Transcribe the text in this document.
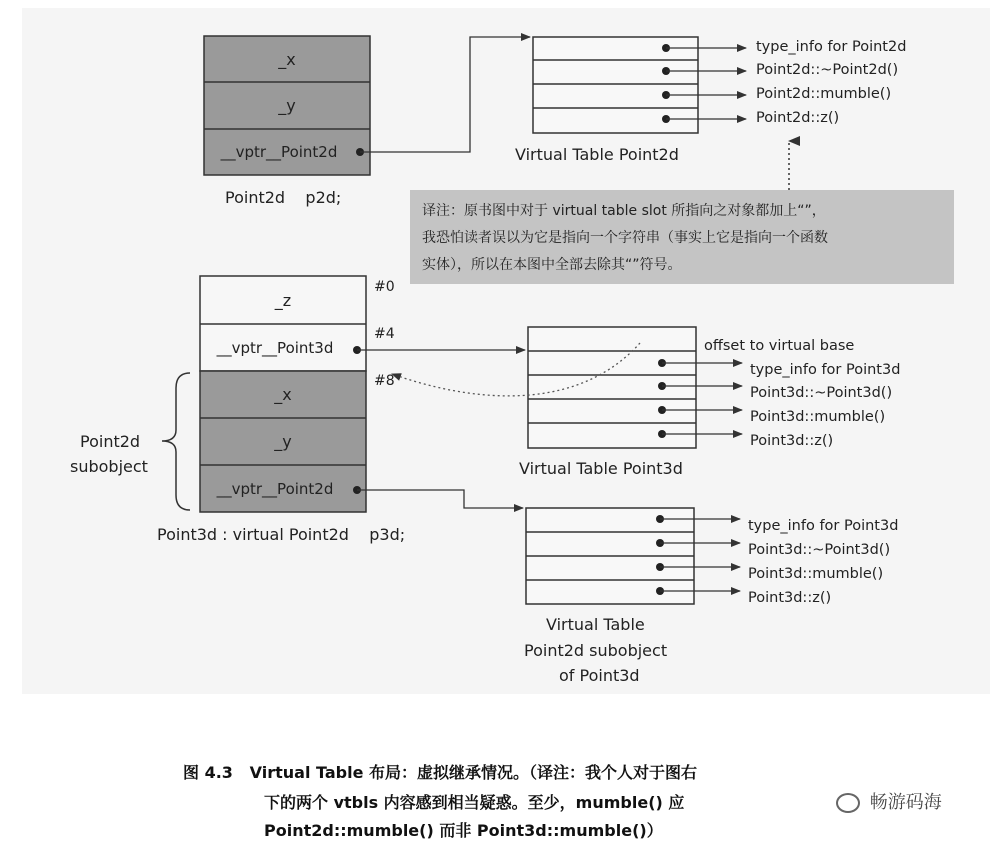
_x
_y
__vptr__Point2d
Point2d    p2d;
type_info for Point2d
Point2d::~Point2d()
Point2d::mumble()
Point2d::z()
Virtual Table Point2d
译注：原书图中对于 virtual table slot 所指向之对象都加上“”，
我恐怕读者误以为它是指向一个字符串（事实上它是指向一个函数
实体），所以在本图中全部去除其“”符号。
_z
__vptr__Point3d
_x
_y
__vptr__Point2d
#0
#4
#8
Point2d
subobject
Point3d : virtual Point2d    p3d;
offset to virtual base
type_info for Point3d
Point3d::~Point3d()
Point3d::mumble()
Point3d::z()
Virtual Table Point3d
type_info for Point3d
Point3d::~Point3d()
Point3d::mumble()
Point3d::z()
Virtual Table
Point2d subobject
of Point3d
图 4.3   Virtual Table 布局：虚拟继承情况。（译注：我个人对于图右
下的两个 vtbls 内容感到相当疑惑。至少，mumble() 应
Point2d::mumble() 而非 Point3d::mumble()）
畅游码海
